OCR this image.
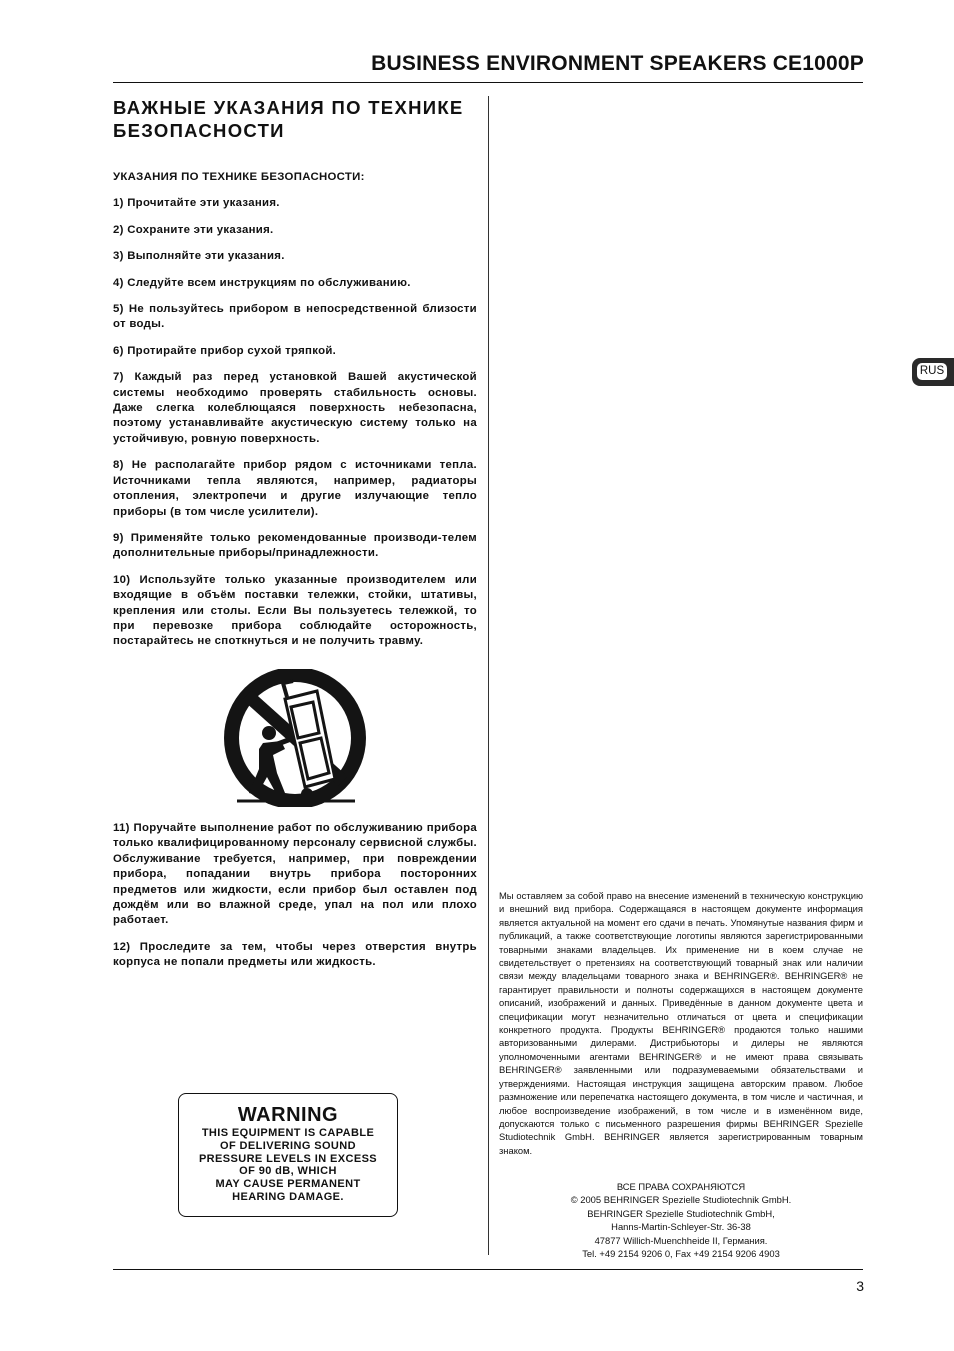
BUSINESS ENVIRONMENT SPEAKERS CE1000P
ВАЖНЫЕ УКАЗАНИЯ ПО ТЕХНИКЕ БЕЗОПАСНОСТИ
УКАЗАНИЯ ПО ТЕХНИКЕ БЕЗОПАСНОСТИ:
1) Прочитайте эти указания.
2) Сохраните эти указания.
3) Выполняйте эти указания.
4) Следуйте всем инструкциям по обслуживанию.
5) Не пользуйтесь прибором в непосредственной близости от воды.
6) Протирайте прибор сухой тряпкой.
7) Каждый раз перед установкой Вашей акустической системы необходимо проверять стабильность основы. Даже слегка колеблющаяся поверхность небезопасна, поэтому устанавливайте акустическую систему только на устойчивую, ровную поверхность.
8) Не располагайте прибор рядом с источниками тепла. Источниками тепла являются, например, радиаторы отопления, электропечи и другие излучающие тепло приборы (в том числе усилители).
9) Применяйте только рекомендованные производи-телем дополнительные приборы/принадлежности.
10) Используйте только указанные производителем или входящие в объём поставки тележки, стойки, штативы, крепления или столы. Если Вы пользуетесь тележкой, то при перевозке прибора соблюдайте осторожность, постарайтесь не споткнуться и не получить травму.
11) Поручайте выполнение работ по обслуживанию прибора только квалифицированному персоналу сервисной службы. Обслуживание требуется, например, при повреждении прибора, попадании внутрь прибора посторонних предметов или жидкости, если прибор был оставлен под дождём или во влажной среде, упал на пол или плохо работает.
12) Проследите за тем, чтобы через отверстия внутрь корпуса не попали предметы или жидкость.
RUS

Мы оставляем за собой право на внесение изменений в техническую конструкцию и внешний вид прибора. Содержащаяся в настоящем документе информация является актуальной на момент его сдачи в печать. Упомянутые названия фирм и публикаций, а также соответствующие логотипы являются зарегистрированными товарными знаками владельцев. Их применение ни в коем случае не свидетельствует о претензиях на соответствующий товарный знак или наличии связи между владельцами товарного знака и BEHRINGER®. BEHRINGER® не гарантирует правильности и полноты содержащихся в настоящем документе описаний, изображений и данных. Приведённые в данном документе цвета и спецификации могут незначительно отличаться от цвета и спецификации конкретного продукта. Продукты BEHRINGER® продаются только нашими авторизованными дилерами. Дистрибьюторы и дилеры не являются уполномоченными агентами BEHRINGER® и не имеют права связывать BEHRINGER® заявленными или подразумеваемыми обязательствами и утверждениями. Настоящая инструкция защищена авторским правом. Любое размножение или перепечатка настоящего документа, в том числе и частичная, и любое воспроизведение изображений, в том числе и в изменённом виде, допускаются только с письменного разрешения фирмы BEHRINGER Spezielle Studiotechnik GmbH. BEHRINGER является зарегистрированным товарным знаком.

ВСЕ ПРАВА СОХРАНЯЮТСЯ
© 2005 BEHRINGER Spezielle Studiotechnik GmbH.
BEHRINGER Spezielle Studiotechnik GmbH,
Hanns-Martin-Schleyer-Str. 36-38
47877 Willich-Muenchheide II, Германия.
Tel. +49 2154 9206 0, Fax +49 2154 9206 4903
WARNING
THIS EQUIPMENT IS CAPABLE
OF DELIVERING SOUND
PRESSURE LEVELS IN EXCESS
OF 90 dB, WHICH
MAY CAUSE PERMANENT
HEARING DAMAGE.
3
